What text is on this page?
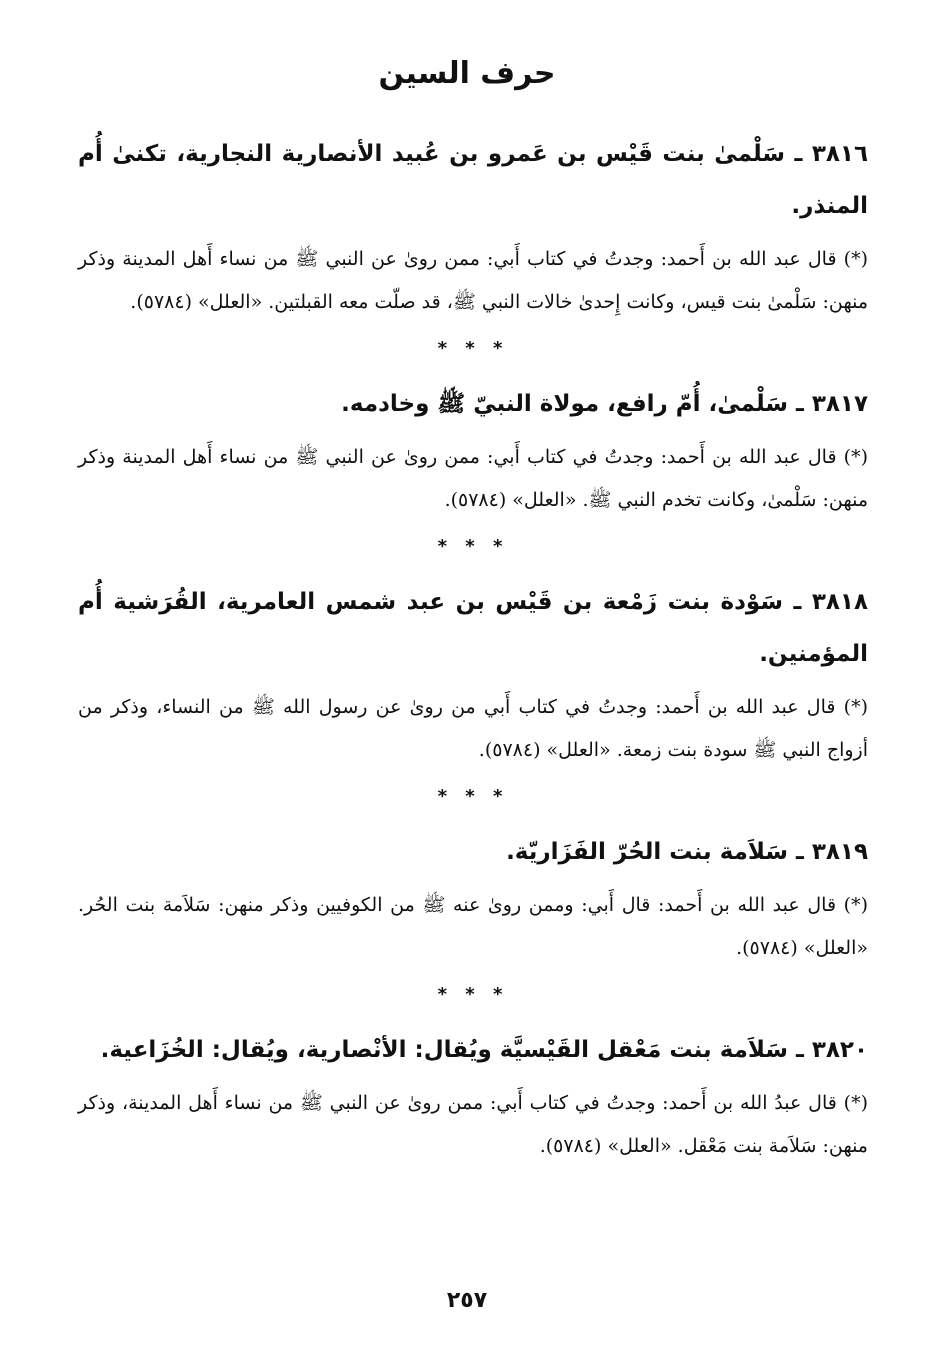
حرف السين

٣٨١٦ ـ سَلْمىٰ بنت قَيْس بن عَمرو بن عُبيد الأنصارية النجارية، تكنىٰ أُم المنذر.

(*) قال عبد الله بن أَحمد: وجدتُ في كتاب أَبي: ممن روىٰ عن النبي ﷺ من نساء أَهل المدينة وذكر منهن: سَلْمىٰ بنت قيس، وكانت إِحدىٰ خالات النبي ﷺ، قد صلّت معه القبلتين. «العلل» (٥٧٨٤).

* * *

٣٨١٧ ـ سَلْمىٰ، أُمّ رافع، مولاة النبيّ ﷺ وخادمه.

(*) قال عبد الله بن أَحمد: وجدتُ في كتاب أَبي: ممن روىٰ عن النبي ﷺ من نساء أَهل المدينة وذكر منهن: سَلْمىٰ، وكانت تخدم النبي ﷺ. «العلل» (٥٧٨٤).

* * *

٣٨١٨ ـ سَوْدة بنت زَمْعة بن قَيْس بن عبد شمس العامرية، القُرَشية أُم المؤمنين.

(*) قال عبد الله بن أَحمد: وجدتُ في كتاب أَبي من روىٰ عن رسول الله ﷺ من النساء، وذكر من أزواج النبي ﷺ سودة بنت زمعة. «العلل» (٥٧٨٤).

* * *

٣٨١٩ ـ سَلاَمة بنت الحُرّ الفَزَاريّة.

(*) قال عبد الله بن أَحمد: قال أَبي: وممن روىٰ عنه ﷺ من الكوفيين وذكر منهن: سَلاَمة بنت الحُر. «العلل» (٥٧٨٤).

* * *

٣٨٢٠ ـ سَلاَمة بنت مَعْقل القَيْسيَّة ويُقال: الأنْصارية، ويُقال: الخُزَاعية.

(*) قال عبدُ الله بن أَحمد: وجدتُ في كتاب أَبي: ممن روىٰ عن النبي ﷺ من نساء أَهل المدينة، وذكر منهن: سَلاَمة بنت مَعْقل. «العلل» (٥٧٨٤).

٢٥٧
